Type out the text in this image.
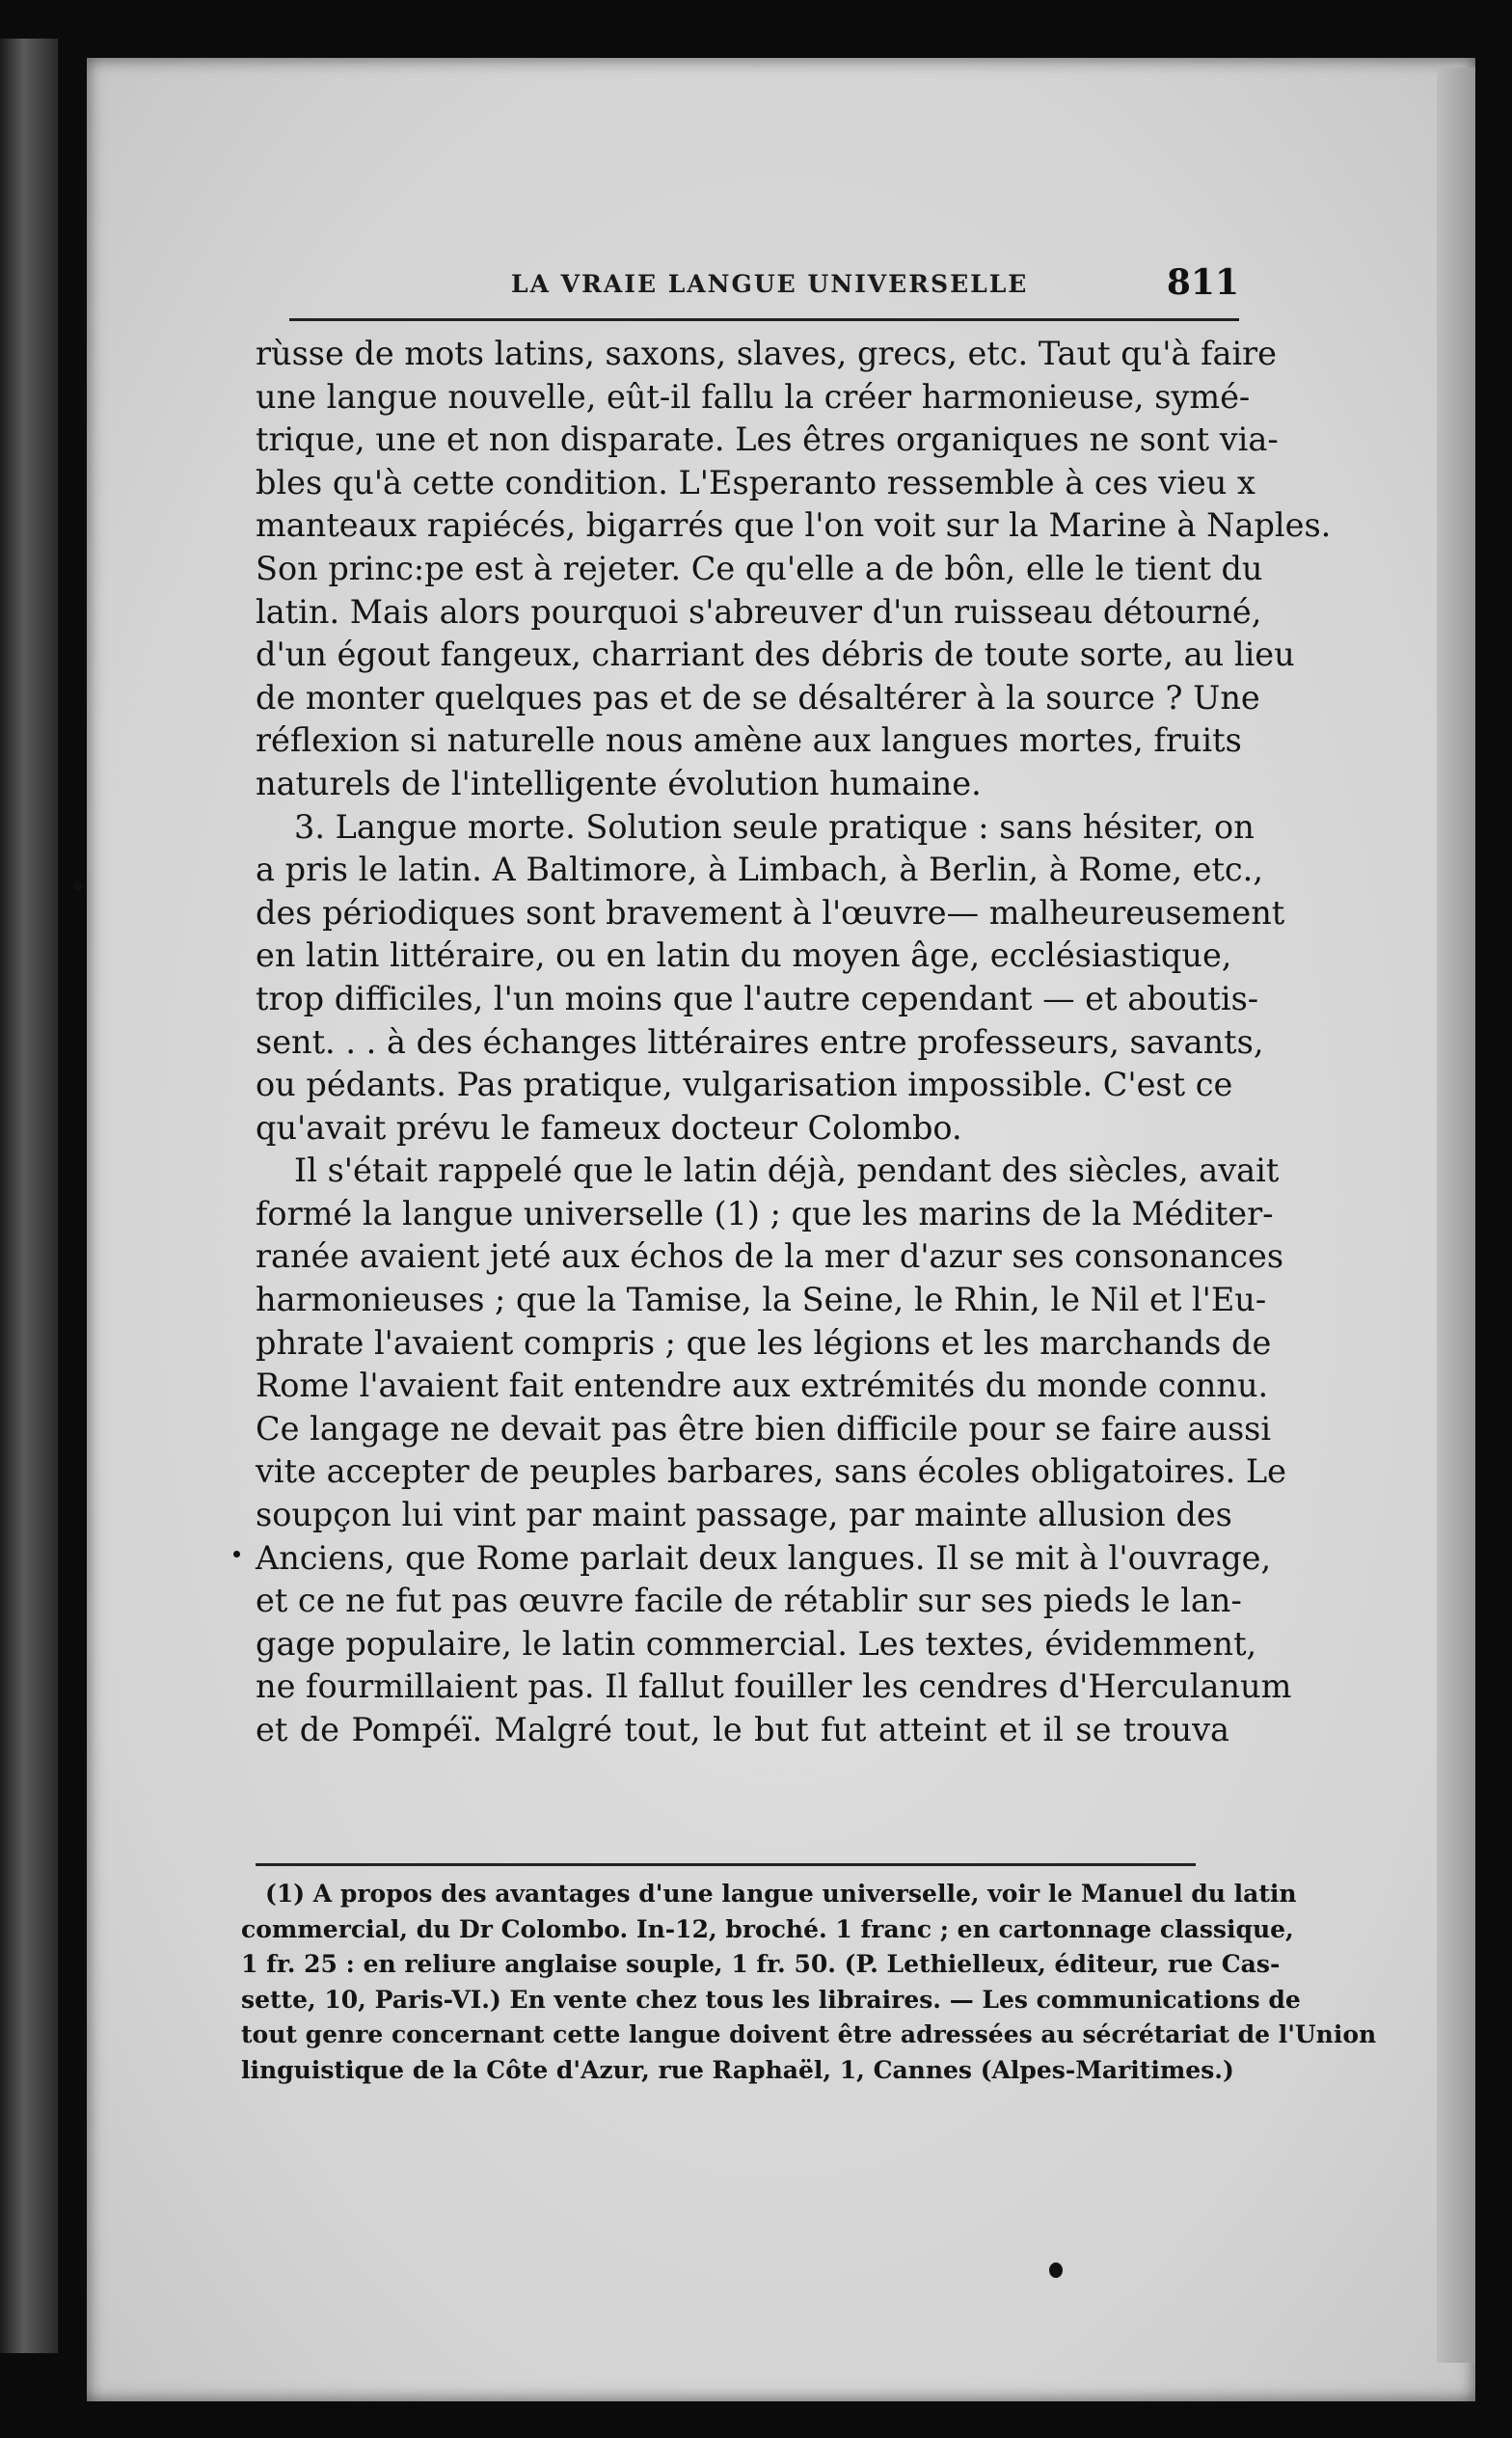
LA VRAIE LANGUE UNIVERSELLE	811
rùsse de mots latins, saxons, slaves, grecs, etc. Taut qu'à faire
une langue nouvelle, eût-il fallu la créer harmonieuse, symé-
trique, une et non disparate. Les êtres organiques ne sont via-
bles qu'à cette condition. L'Esperanto ressemble à ces vieu x
manteaux rapiécés, bigarrés que l'on voit sur la Marine à Naples.
Son princ:pe est à rejeter. Ce qu'elle a de bôn, elle le tient du
latin. Mais alors pourquoi s'abreuver d'un ruisseau détourné,
d'un égout fangeux, charriant des débris de toute sorte, au lieu
de monter quelques pas et de se désaltérer à la source ? Une
réflexion si naturelle nous amène aux langues mortes, fruits
naturels de l'intelligente évolution humaine.
3. Langue morte. Solution seule pratique : sans hésiter, on
a pris le latin. A Baltimore, à Limbach, à Berlin, à Rome, etc.,
des périodiques sont bravement à l'œuvre— malheureusement
en latin littéraire, ou en latin du moyen âge, ecclésiastique,
trop difficiles, l'un moins que l'autre cependant — et aboutis-
sent. . . à des échanges littéraires entre professeurs, savants,
ou pédants. Pas pratique, vulgarisation impossible. C'est ce
qu'avait prévu le fameux docteur Colombo.
Il s'était rappelé que le latin déjà, pendant des siècles, avait
formé la langue universelle (1) ; que les marins de la Méditer-
ranée avaient jeté aux échos de la mer d'azur ses consonances
harmonieuses ; que la Tamise, la Seine, le Rhin, le Nil et l'Eu-
phrate l'avaient compris ; que les légions et les marchands de
Rome l'avaient fait entendre aux extrémités du monde connu.
Ce langage ne devait pas être bien difficile pour se faire aussi
vite accepter de peuples barbares, sans écoles obligatoires. Le
soupçon lui vint par maint passage, par mainte allusion des
Anciens, que Rome parlait deux langues. Il se mit à l'ouvrage,
et ce ne fut pas œuvre facile de rétablir sur ses pieds le lan-
gage populaire, le latin commercial. Les textes, évidemment,
ne fourmillaient pas. Il fallut fouiller les cendres d'Herculanum
et de Pompéï. Malgré tout, le but fut atteint et il se trouva
(1) A propos des avantages d'une langue universelle, voir le Manuel du latin
commercial, du Dr Colombo. In-12, broché. 1 franc ; en cartonnage classique,
1 fr. 25 : en reliure anglaise souple, 1 fr. 50. (P. Lethielleux, éditeur, rue Cas-
sette, 10, Paris-VI.) En vente chez tous les libraires. — Les communications de
tout genre concernant cette langue doivent être adressées au sécrétariat de l'Union
linguistique de la Côte d'Azur, rue Raphaël, 1, Cannes (Alpes-Maritimes.)
